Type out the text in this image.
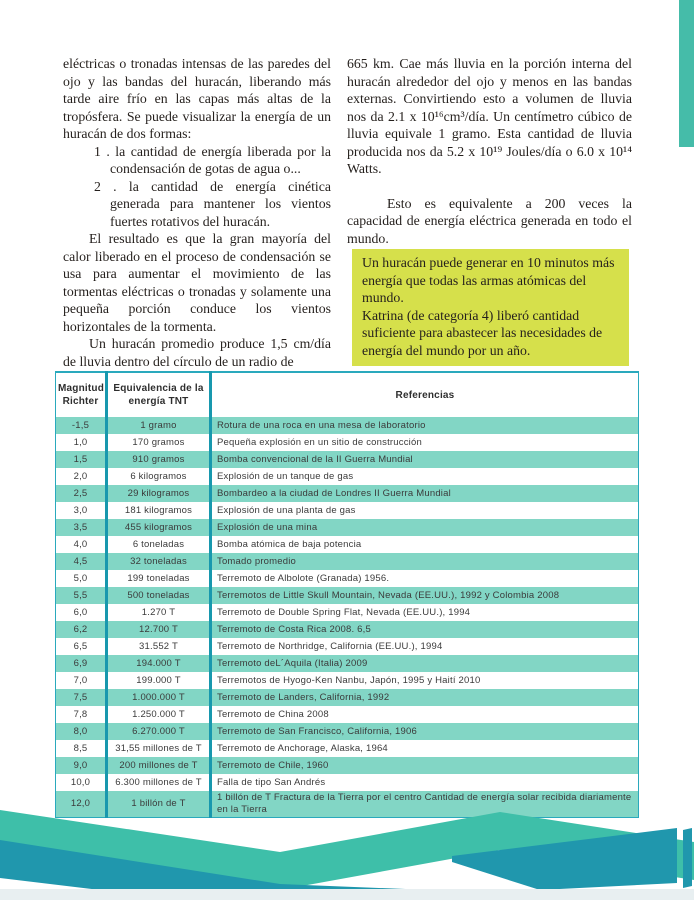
eléctricas o tronadas intensas de las paredes del ojo y las bandas del huracán, liberando más tarde aire frío en las capas más altas de la tropósfera. Se puede visualizar la energía de un huracán de dos formas:

1 . la cantidad de energía liberada por la condensación de gotas de agua o...
2 . la cantidad de energía cinética generada para mantener los vientos fuertes rotativos del huracán.

El resultado es que la gran mayoría del calor liberado en el proceso de condensación se usa para aumentar el movimiento de las tormentas eléctricas o tronadas y solamente una pequeña porción conduce los vientos horizontales de la tormenta.

Un huracán promedio produce 1,5 cm/día de lluvia dentro del círculo de un radio de

665 km. Cae más lluvia en la porción interna del huracán alrededor del ojo y menos en las bandas externas. Convirtiendo esto a volumen de lluvia nos da 2.1 x 10¹⁶cm³/día. Un centímetro cúbico de lluvia equivale 1 gramo. Esta cantidad de lluvia producida nos da 5.2 x 10¹⁹ Joules/día o 6.0 x 10¹⁴ Watts.

Esto es equivalente a 200 veces la capacidad de energía eléctrica generada en todo el mundo.

Un huracán puede generar en 10 minutos más energía que todas las armas atómicas del mundo.

Katrina (de categoría 4) liberó cantidad suficiente para abastecer las necesidades de energía del mundo por un año.

Magnitud Richter	Equivalencia de la energía TNT	Referencias
-1,5	1 gramo	Rotura de una roca en una mesa de laboratorio
1,0	170 gramos	Pequeña explosión en un sitio de construcción
1,5	910 gramos	Bomba convencional de la II Guerra Mundial
2,0	6 kilogramos	Explosión de un tanque de gas
2,5	29 kilogramos	Bombardeo a la ciudad de Londres II Guerra Mundial
3,0	181 kilogramos	Explosión de una planta de gas
3,5	455 kilogramos	Explosión de una mina
4,0	6 toneladas	Bomba atómica de baja potencia
4,5	32 toneladas	Tomado promedio
5,0	199 toneladas	Terremoto de Albolote (Granada) 1956.
5,5	500 toneladas	Terremotos de Little Skull Mountain, Nevada (EE.UU.), 1992 y Colombia 2008
6,0	1.270 T	Terremoto de Double Spring Flat, Nevada (EE.UU.), 1994
6,2	12.700 T	Terremoto de Costa Rica 2008. 6,5
6,5	31.552 T	Terremoto de Northridge, California (EE.UU.), 1994
6,9	194.000 T	Terremoto deL´Aquila (Italia) 2009
7,0	199.000 T	Terremotos de Hyogo-Ken Nanbu, Japón, 1995 y Haití 2010
7,5	1.000.000 T	Terremoto de Landers, California, 1992
7,8	1.250.000 T	Terremoto de China 2008
8,0	6.270.000 T	Terremoto de San Francisco, California, 1906
8,5	31,55 millones de T	Terremoto de Anchorage, Alaska, 1964
9,0	200 millones de T	Terremoto de Chile, 1960
10,0	6.300 millones de T	Falla de tipo San Andrés
12,0	1 billón de T	1 billón de T Fractura de la Tierra por el centro Cantidad de energía solar recibida diariamente en la Tierra
